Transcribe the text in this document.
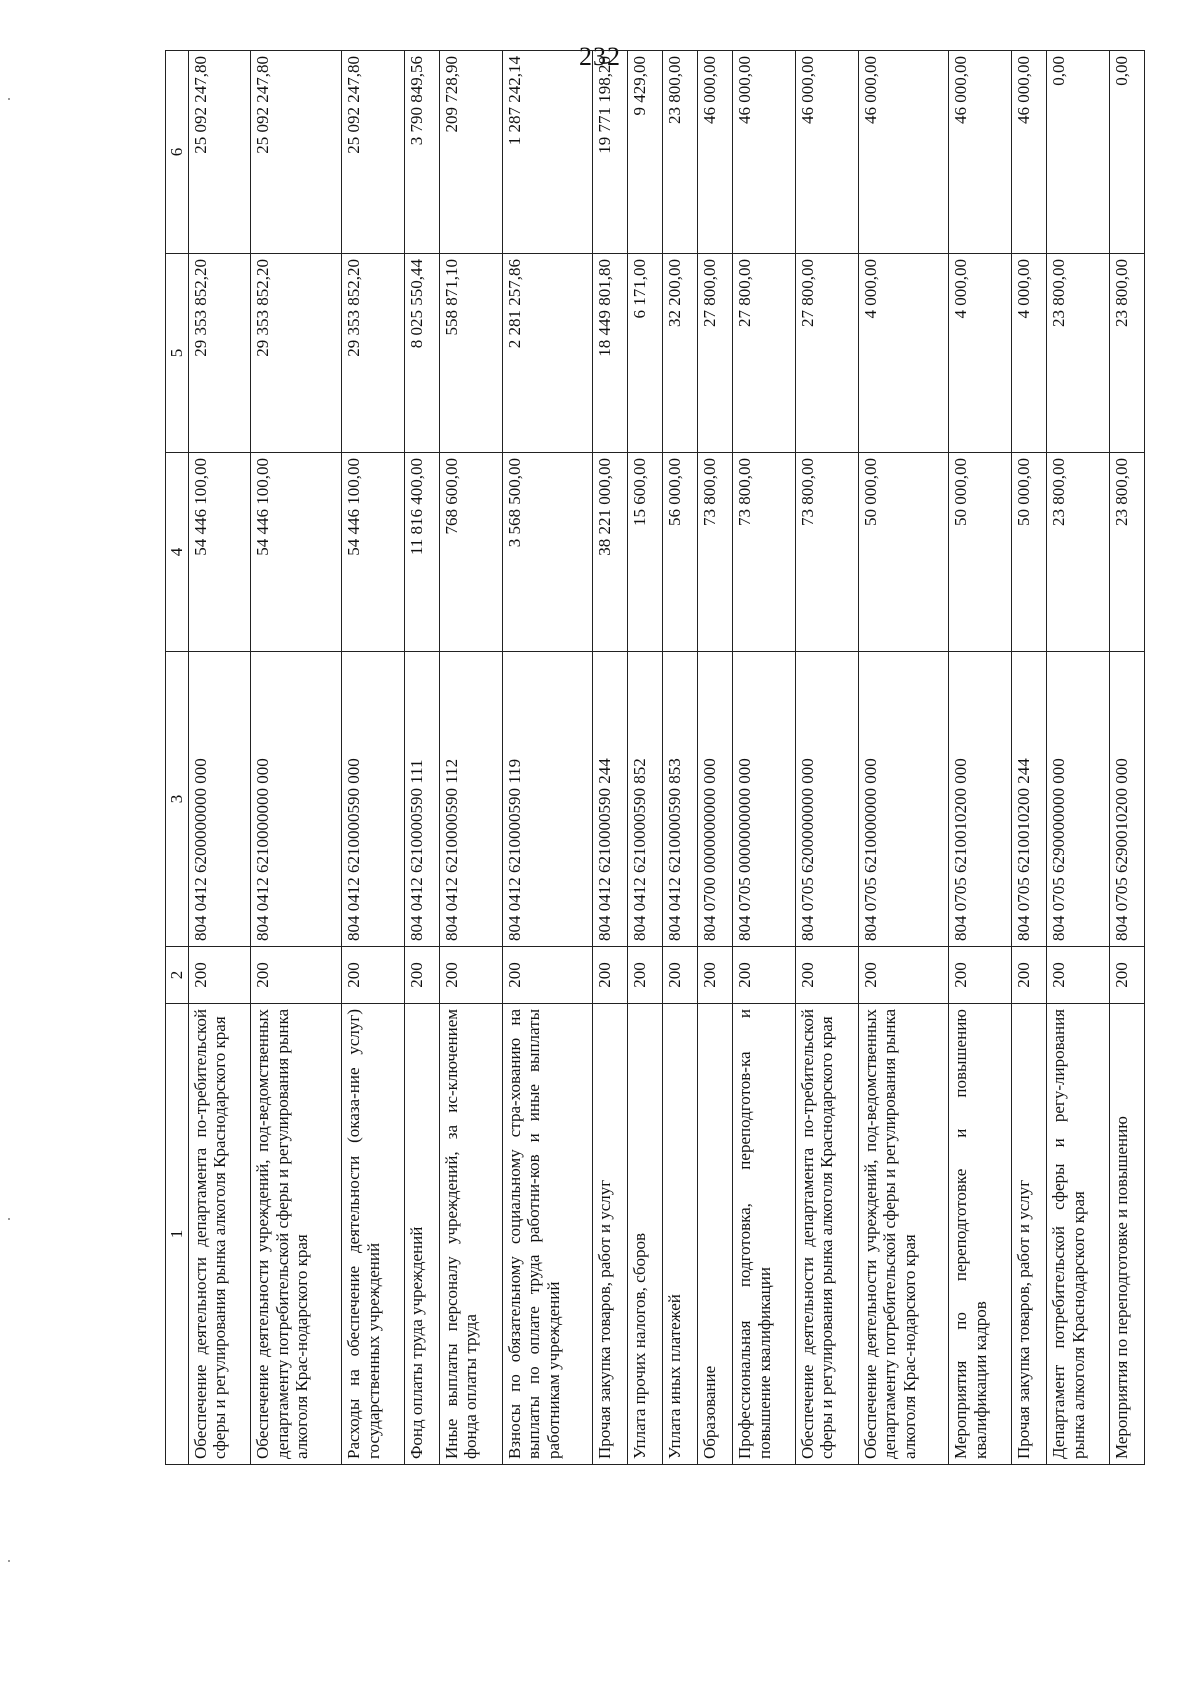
232
1	2	3	4	5	6
Обеспечение деятельности департамента по-требительской сферы и регулирования рынка алкоголя Краснодарского края	200	804 0412 6200000000 000	54 446 100,00	29 353 852,20	25 092 247,80
Обеспечение деятельности учреждений, под-ведомственных департаменту потребительской сферы и регулирования рынка алкоголя Крас-нодарского края	200	804 0412 6210000000 000	54 446 100,00	29 353 852,20	25 092 247,80
Расходы на обеспечение деятельности (оказа-ние услуг) государственных учреждений	200	804 0412 6210000590 000	54 446 100,00	29 353 852,20	25 092 247,80
Фонд оплаты труда учреждений	200	804 0412 6210000590 111	11 816 400,00	8 025 550,44	3 790 849,56
Иные выплаты персоналу учреждений, за ис-ключением фонда оплаты труда	200	804 0412 6210000590 112	768 600,00	558 871,10	209 728,90
Взносы по обязательному социальному стра-хованию на выплаты по оплате труда работни-ков и иные выплаты работникам учреждений	200	804 0412 6210000590 119	3 568 500,00	2 281 257,86	1 287 242,14
Прочая закупка товаров, работ и услуг	200	804 0412 6210000590 244	38 221 000,00	18 449 801,80	19 771 198,20
Уплата прочих налогов, сборов	200	804 0412 6210000590 852	15 600,00	6 171,00	9 429,00
Уплата иных платежей	200	804 0412 6210000590 853	56 000,00	32 200,00	23 800,00
Образование	200	804 0700 0000000000 000	73 800,00	27 800,00	46 000,00
Профессиональная подготовка, переподготов-ка и повышение квалификации	200	804 0705 0000000000 000	73 800,00	27 800,00	46 000,00
Обеспечение деятельности департамента по-требительской сферы и регулирования рынка алкоголя Краснодарского края	200	804 0705 6200000000 000	73 800,00	27 800,00	46 000,00
Обеспечение деятельности учреждений, под-ведомственных департаменту потребительской сферы и регулирования рынка алкоголя Крас-нодарского края	200	804 0705 6210000000 000	50 000,00	4 000,00	46 000,00
Мероприятия по переподготовке и повышению квалификации кадров	200	804 0705 6210010200 000	50 000,00	4 000,00	46 000,00
Прочая закупка товаров, работ и услуг	200	804 0705 6210010200 244	50 000,00	4 000,00	46 000,00
Департамент потребительской сферы и регу-лирования рынка алкоголя Краснодарского края	200	804 0705 6290000000 000	23 800,00	23 800,00	0,00
Мероприятия по переподготовке и повышению	200	804 0705 6290010200 000	23 800,00	23 800,00	0,00
